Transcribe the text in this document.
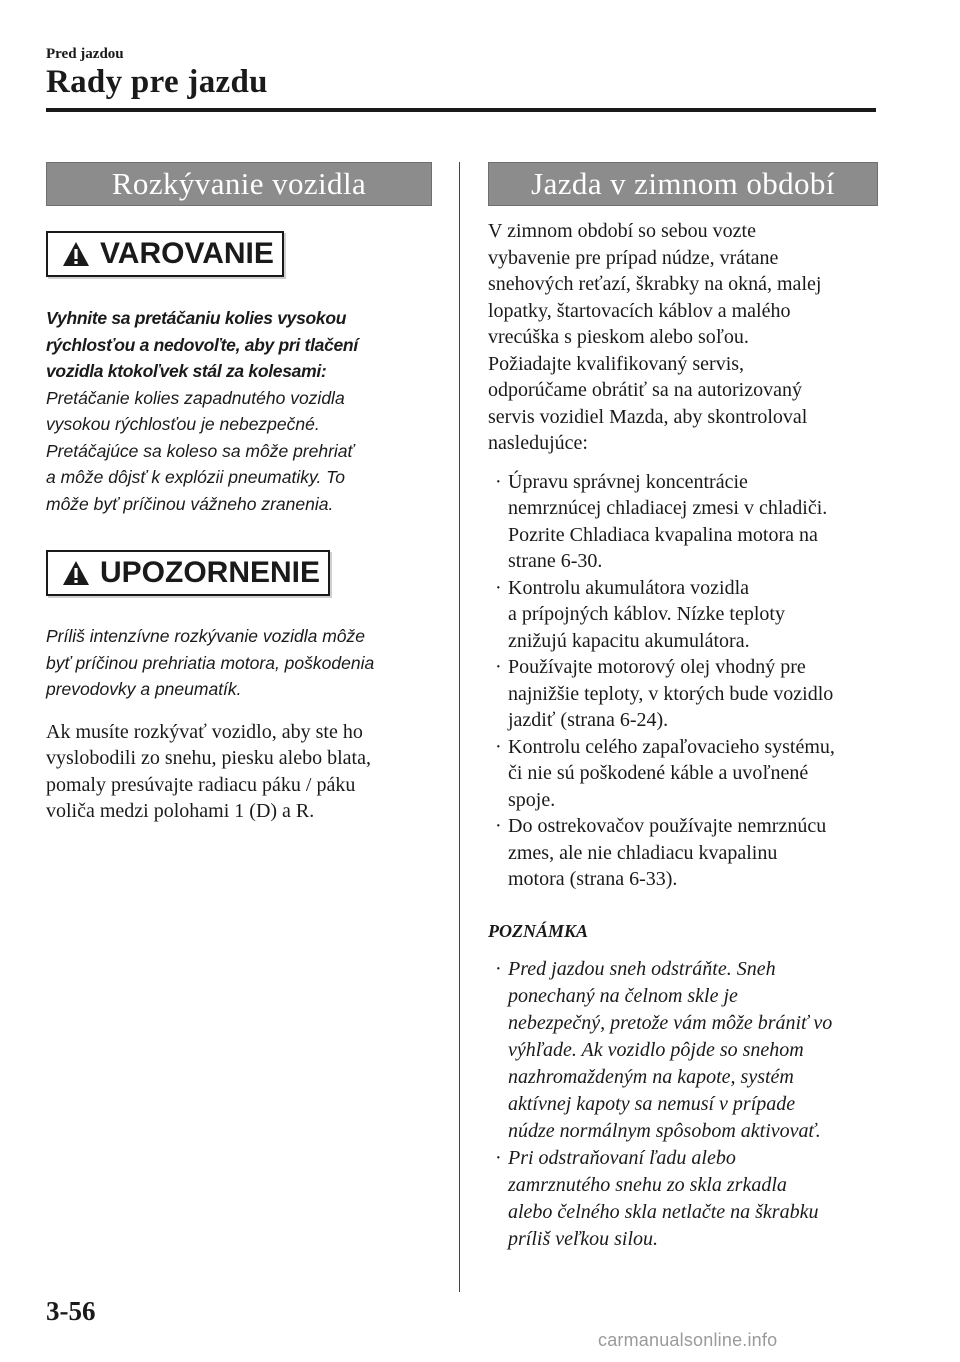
Pred jazdou
Rady pre jazdu
Rozkývanie vozidla
VAROVANIE
Vyhnite sa pretáčaniu kolies vysokou
rýchlosťou a nedovoľte, aby pri tlačení
vozidla ktokoľvek stál za kolesami:
Pretáčanie kolies zapadnutého vozidla
vysokou rýchlosťou je nebezpečné.
Pretáčajúce sa koleso sa môže prehriať
a môže dôjsť k explózii pneumatiky. To
môže byť príčinou vážneho zranenia.
UPOZORNENIE
Príliš intenzívne rozkývanie vozidla môže
byť príčinou prehriatia motora, poškodenia
prevodovky a pneumatík.
Ak musíte rozkývať vozidlo, aby ste ho
vyslobodili zo snehu, piesku alebo blata,
pomaly presúvajte radiacu páku / páku
voliča medzi polohami 1 (D) a R.
Jazda v zimnom období
V zimnom období so sebou vozte
vybavenie pre prípad núdze, vrátane
snehových reťazí, škrabky na okná, malej
lopatky, štartovacích káblov a malého
vrecúška s pieskom alebo soľou.
Požiadajte kvalifikovaný servis,
odporúčame obrátiť sa na autorizovaný
servis vozidiel Mazda, aby skontroloval
nasledujúce:
· Úpravu správnej koncentrácie
nemrznúcej chladiacej zmesi v chladiči.
Pozrite Chladiaca kvapalina motora na
strane 6-30.
· Kontrolu akumulátora vozidla
a prípojných káblov. Nízke teploty
znižujú kapacitu akumulátora.
· Používajte motorový olej vhodný pre
najnižšie teploty, v ktorých bude vozidlo
jazdiť (strana 6-24).
· Kontrolu celého zapaľovacieho systému,
či nie sú poškodené káble a uvoľnené
spoje.
· Do ostrekovačov používajte nemrznúcu
zmes, ale nie chladiacu kvapalinu
motora (strana 6-33).
POZNÁMKA
· Pred jazdou sneh odstráňte. Sneh
ponechaný na čelnom skle je
nebezpečný, pretože vám môže brániť vo
výhľade. Ak vozidlo pôjde so snehom
nazhromaždeným na kapote, systém
aktívnej kapoty sa nemusí v prípade
núdze normálnym spôsobom aktivovať.
· Pri odstraňovaní ľadu alebo
zamrznutého snehu zo skla zrkadla
alebo čelného skla netlačte na škrabku
príliš veľkou silou.
3-56
carmanualsonline.info
